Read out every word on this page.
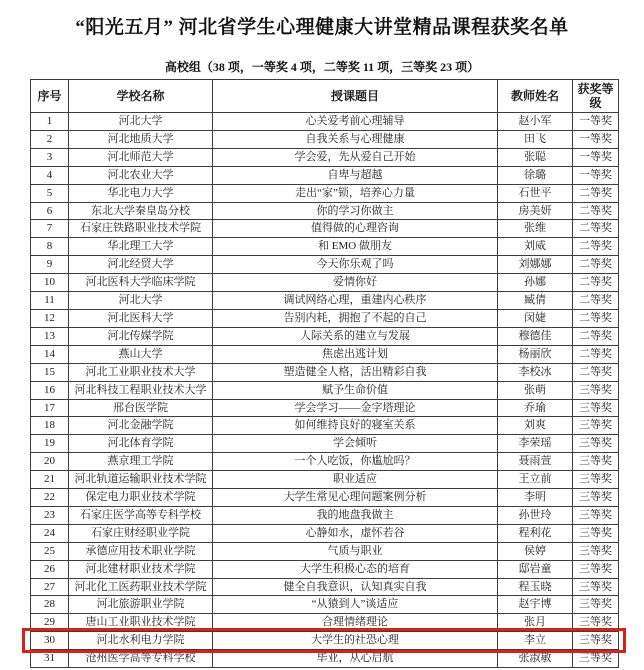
“阳光五月” 河北省学生心理健康大讲堂精品课程获奖名单
高校组（38 项，一等奖 4 项，二等奖 11 项，三等奖 23 项）
序号	学校名称	授课题目	教师姓名	获奖等级
1	河北大学	心关爱考前心理辅导	赵小军	一等奖
2	河北地质大学	自我关系与心理健康	田飞	一等奖
3	河北师范大学	学会爱，先从爱自己开始	张聪	一等奖
4	河北农业大学	自卑与超越	徐璐	一等奖
5	华北电力大学	走出“家”锁，培养心力量	石世平	二等奖
6	东北大学秦皇岛分校	你的学习你做主	房美妍	二等奖
7	石家庄铁路职业技术学院	值得做的心理咨询	张维	二等奖
8	华北理工大学	和 EMO 做朋友	刘威	二等奖
9	河北经贸大学	今天你乐观了吗	刘娜娜	二等奖
10	河北医科大学临床学院	爱情你好	孙娜	二等奖
11	河北大学	调试网络心理，重建内心秩序	臧倩	二等奖
12	河北医科大学	告别内耗，拥抱了不起的自己	闵婕	二等奖
13	河北传媒学院	人际关系的建立与发展	穆德佳	二等奖
14	燕山大学	焦虑出逃计划	杨丽欣	二等奖
15	河北工业职业技术大学	塑造健全人格，活出精彩自我	李校冰	二等奖
16	河北科技工程职业技术大学	赋予生命价值	张萌	三等奖
17	邢台医学院	学会学习——金字塔理论	乔瑜	三等奖
18	河北金融学院	如何维持良好的寝室关系	刘爽	三等奖
19	河北体育学院	学会倾听	李荣瑶	三等奖
20	燕京理工学院	一个人吃饭，你尴尬吗？	聂雨萱	三等奖
21	河北轨道运输职业技术学院	职业适应	王立前	三等奖
22	保定电力职业技术学院	大学生常见心理问题案例分析	李明	三等奖
23	石家庄医学高等专科学校	我的地盘我做主	孙世玲	三等奖
24	石家庄财经职业学院	心静如水，虚怀若谷	程利花	三等奖
25	承德应用技术职业学院	气质与职业	侯婷	三等奖
26	河北建材职业技术学院	大学生积极心态的培育	邸岩童	三等奖
27	河北化工医药职业技术学院	健全自我意识，认知真实自我	程玉晓	三等奖
28	河北旅游职业学院	“从猿到人”谈适应	赵宇博	三等奖
29	唐山工业职业技术学院	合理情绪理论	张月	三等奖
30	河北水利电力学院	大学生的社恐心理	李立	三等奖
31	沧州医学高等专科学校	毕业，从心启航	张淑敏	三等奖
